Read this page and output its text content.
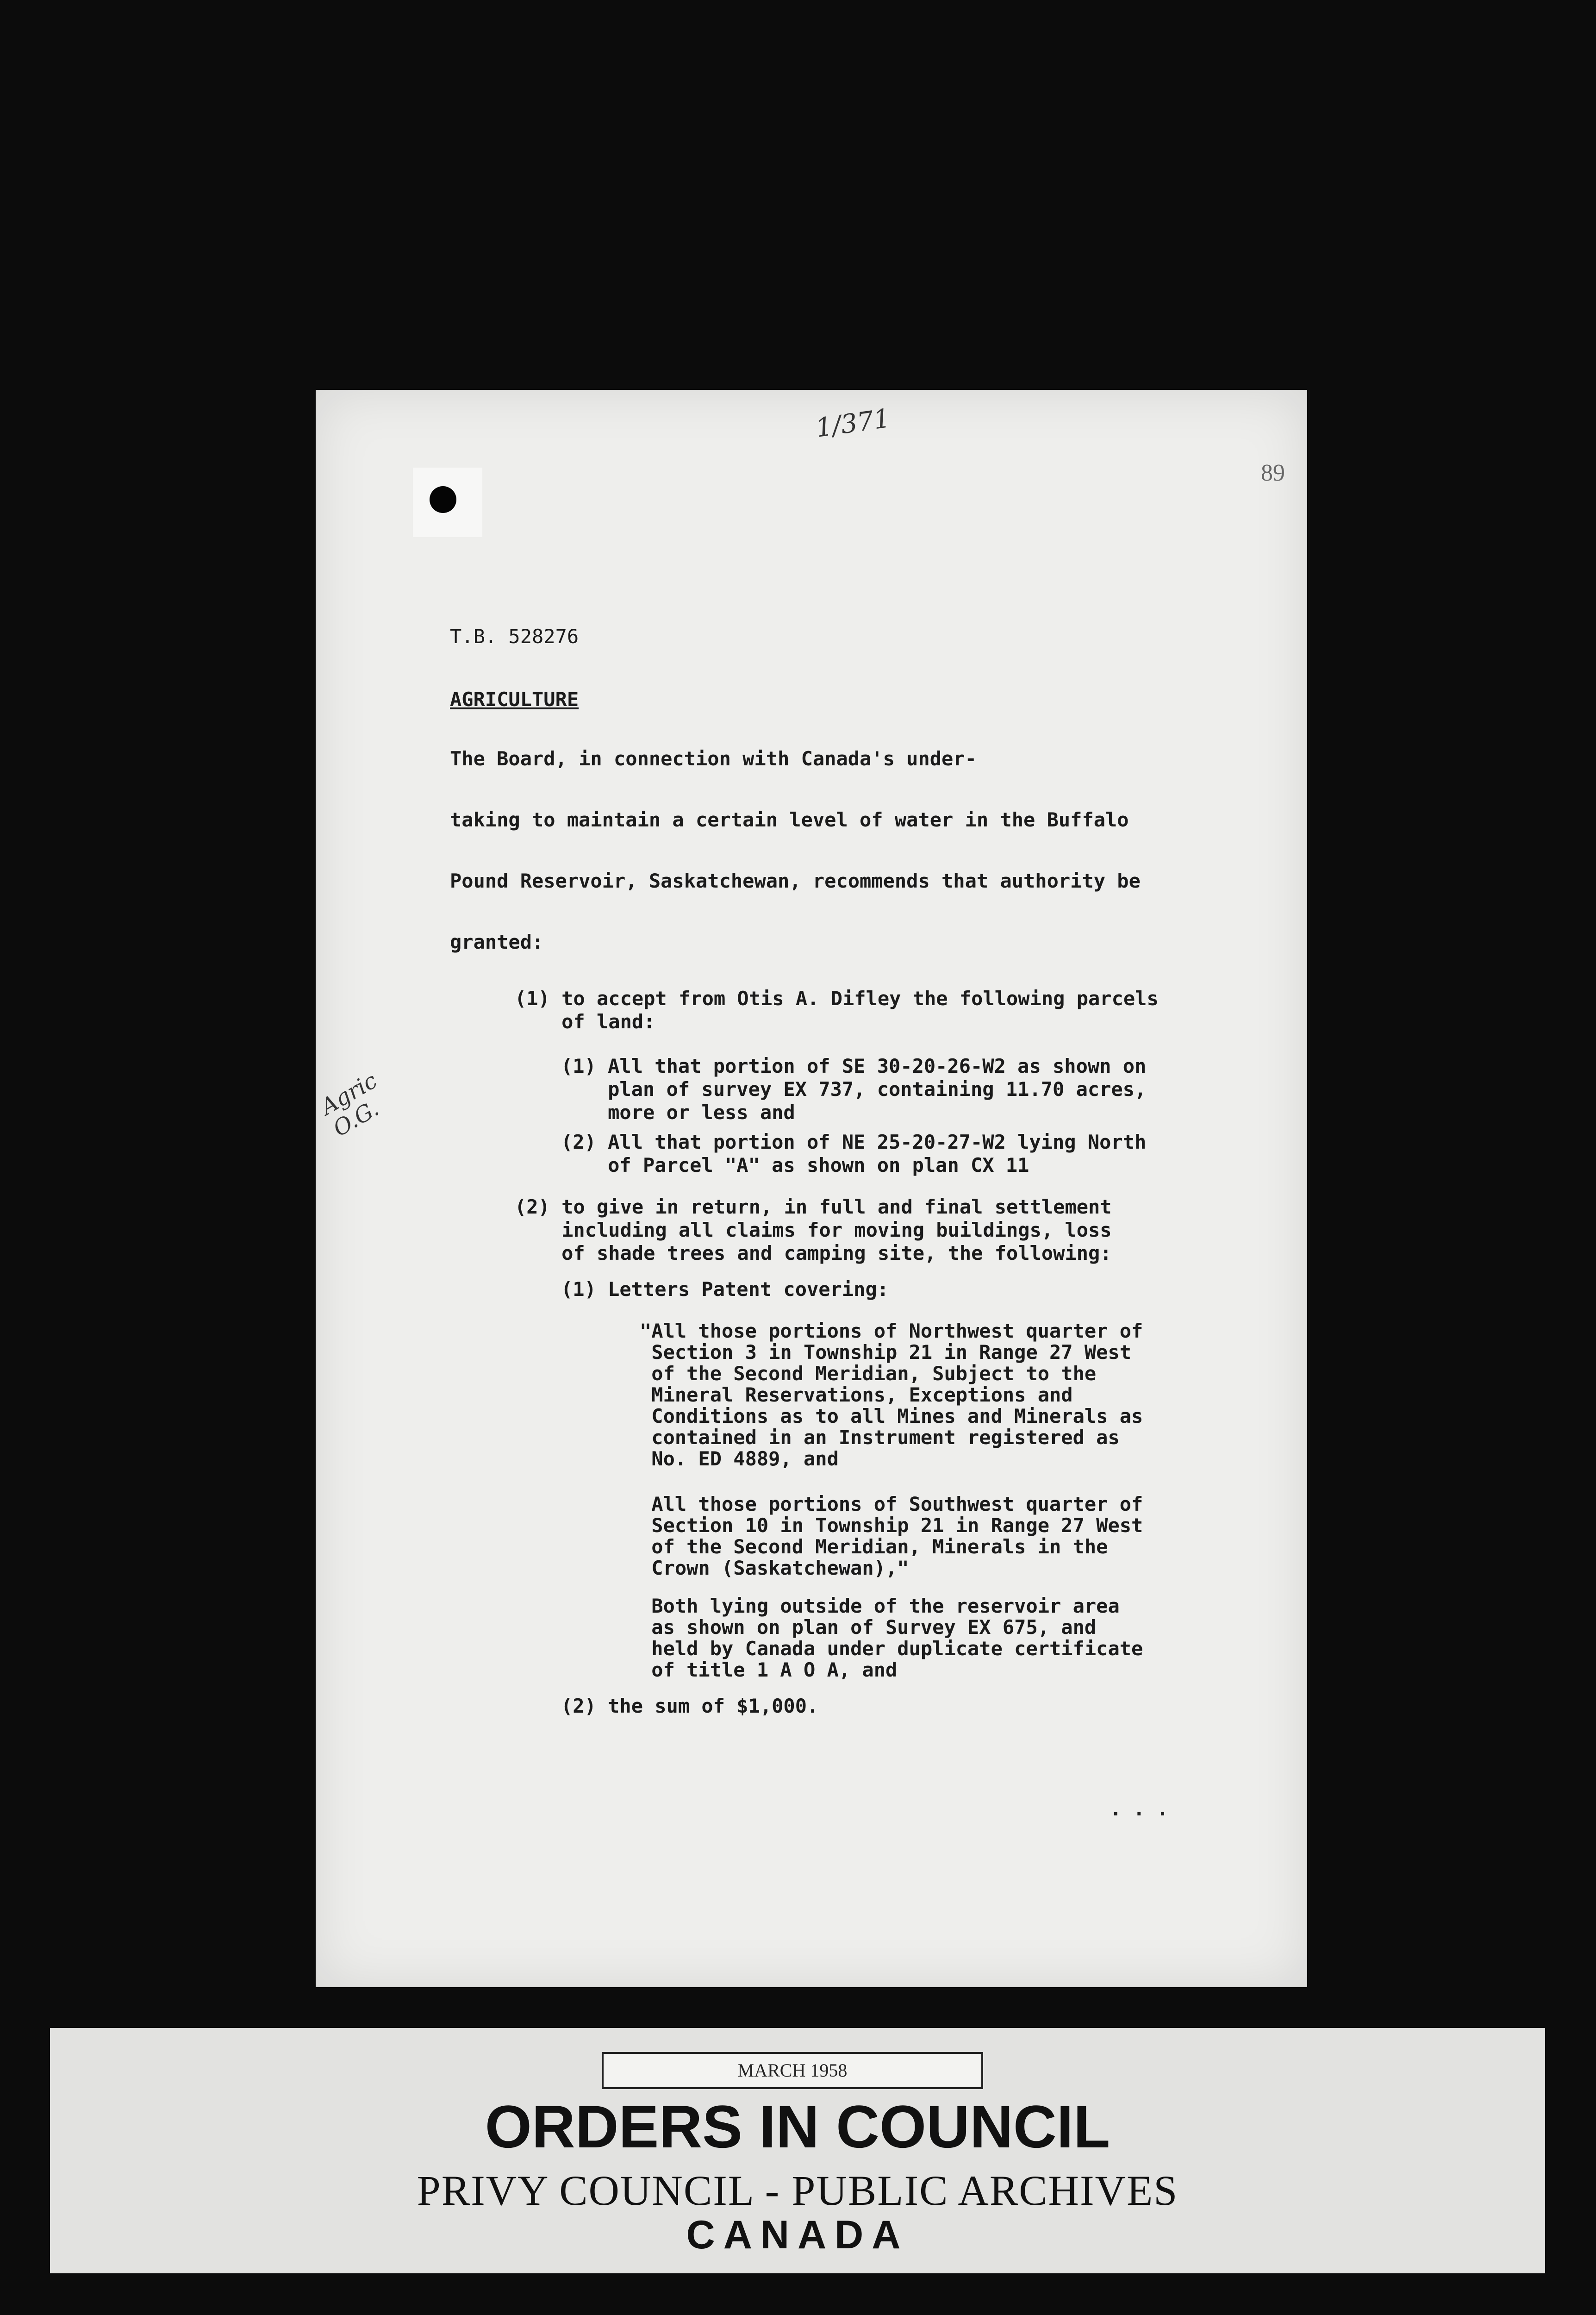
1/371
89
T.B. 528276
AGRICULTURE
The Board, in connection with Canada's under-

taking to maintain a certain level of water in the Buffalo

Pound Reservoir, Saskatchewan, recommends that authority be

granted:
(1) to accept from Otis A. Difley the following parcels
of land:
(1) All that portion of SE 30-20-26-W2 as shown on
plan of survey EX 737, containing 11.70 acres,
more or less and
(2) All that portion of NE 25-20-27-W2 lying North
of Parcel "A" as shown on plan CX 11
(2) to give in return, in full and final settlement
including all claims for moving buildings, loss
of shade trees and camping site, the following:
(1) Letters Patent covering:
"All those portions of Northwest quarter of
Section 3 in Township 21 in Range 27 West
of the Second Meridian, Subject to the
Mineral Reservations, Exceptions and
Conditions as to all Mines and Minerals as
contained in an Instrument registered as
No. ED 4889, and
All those portions of Southwest quarter of
Section 10 in Township 21 in Range 27 West
of the Second Meridian, Minerals in the
Crown (Saskatchewan),"
Both lying outside of the reservoir area
as shown on plan of Survey EX 675, and
held by Canada under duplicate certificate
of title 1 A O A, and
(2) the sum of $1,000.
. . .
Agric
O.G.
MARCH 1958
ORDERS IN COUNCIL
PRIVY COUNCIL - PUBLIC ARCHIVES
CANADA
